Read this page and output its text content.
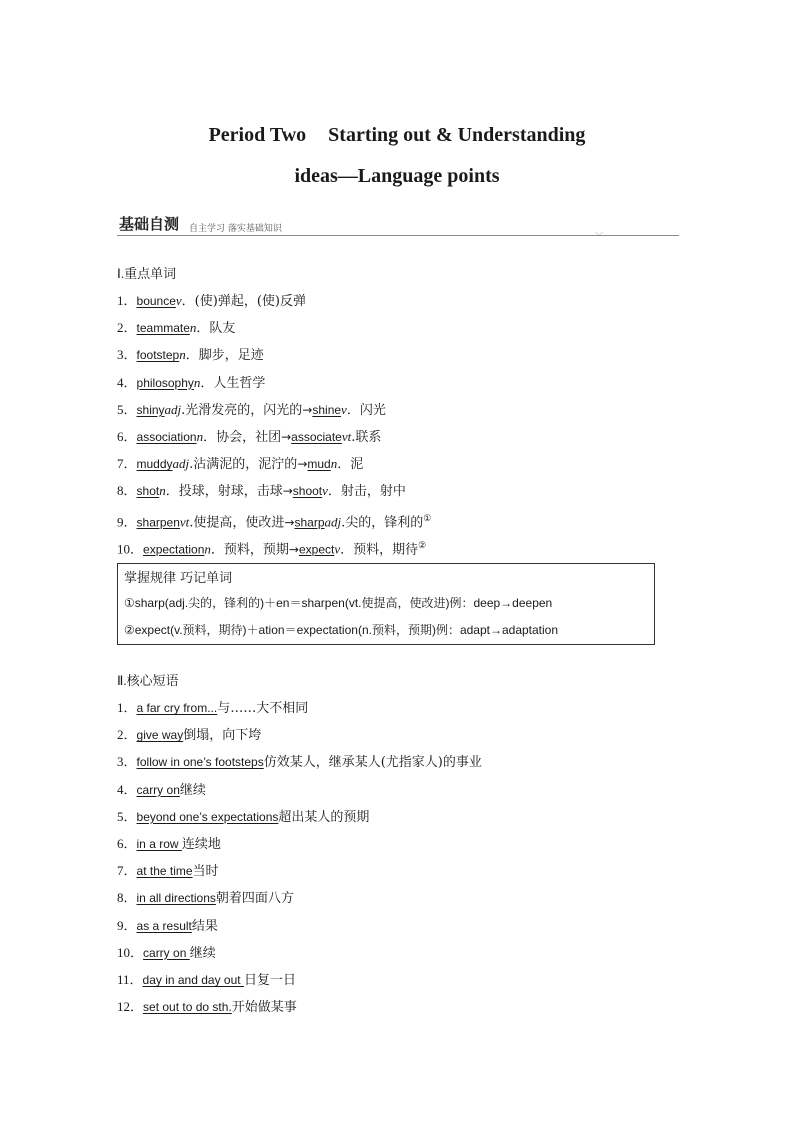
Period Two Starting out & Understanding
ideas—Language points
基础自测 自主学习 落实基础知识
﹀
Ⅰ.重点单词
1．bouncev．(使)弹起，(使)反弹
2．teammaten．队友
3．footstepn．脚步，足迹
4．philosophyn．人生哲学
5．shinyadj.光滑发亮的，闪光的→shinev．闪光
6．associationn．协会，社团→associatevt.联系
7．muddyadj.沾满泥的，泥泞的→mudn．泥
8．shotn．投球，射球，击球→shootv．射击，射中
9．sharpenvt.使提高，使改进→sharpadj.尖的，锋利的①
10．expectationn．预料，预期→expectv．预料，期待②
掌握规律 巧记单词
①sharp(adj.尖的，锋利的)＋en＝sharpen(vt.使提高，使改进)例：deep→deepen
②expect(v.预料，期待)＋ation＝expectation(n.预料，预期)例：adapt→adaptation
Ⅱ.核心短语
1．a far cry from...与……大不相同
2．give way倒塌，向下垮
3．follow in one’s footsteps仿效某人，继承某人(尤指家人)的事业
4．carry on继续
5．beyond one’s expectations超出某人的预期
6．in a row 连续地
7．at the time当时
8．in all directions朝着四面八方
9．as a result结果
10．carry on 继续
11．day in and day out 日复一日
12．set out to do sth.开始做某事
